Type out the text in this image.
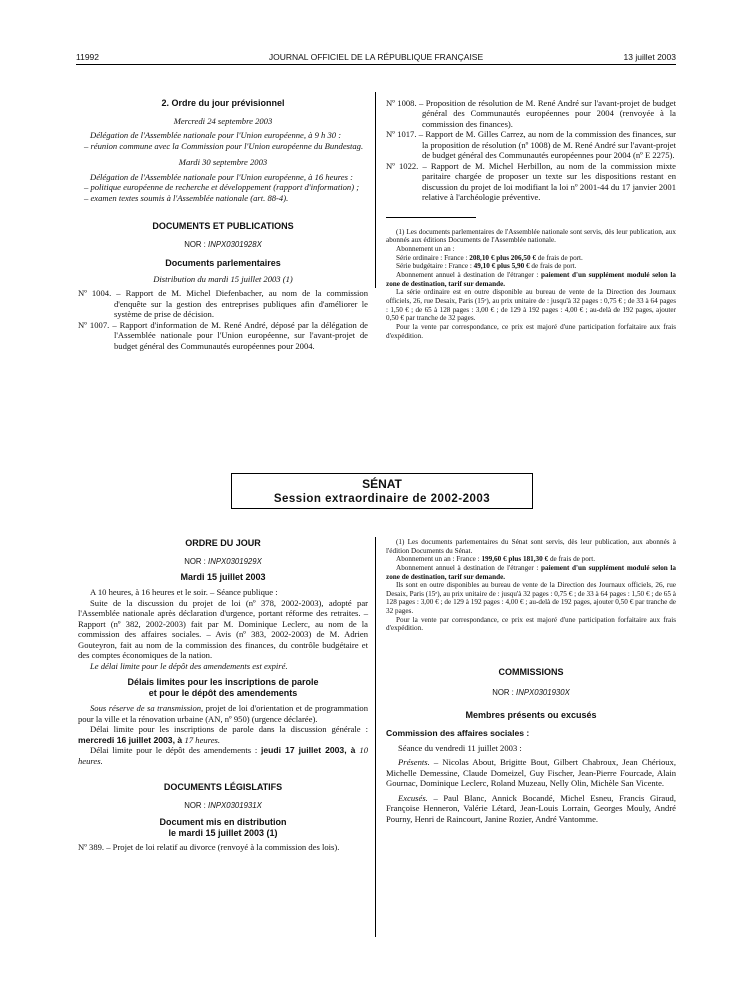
11992	JOURNAL OFFICIEL DE LA RÉPUBLIQUE FRANÇAISE	13 juillet 2003

2. Ordre du jour prévisionnel

Mercredi 24 septembre 2003

Délégation de l'Assemblée nationale pour l'Union européenne, à 9 h 30 :

– réunion commune avec la Commission pour l'Union européenne du Bundestag.

Mardi 30 septembre 2003

Délégation de l'Assemblée nationale pour l'Union européenne, à 16 heures :

– politique européenne de recherche et développement (rapport d'information) ;

– examen textes soumis à l'Assemblée nationale (art. 88-4).

DOCUMENTS ET PUBLICATIONS

NOR : INPX0301928X

Documents parlementaires

Distribution du mardi 15 juillet 2003 (1)

Nº 1004. – Rapport de M. Michel Diefenbacher, au nom de la commission d'enquête sur la gestion des entreprises publiques afin d'améliorer le système de prise de décision.

Nº 1007. – Rapport d'information de M. René André, déposé par la délégation de l'Assemblée nationale pour l'Union européenne, sur l'avant-projet de budget général des Communautés européennes pour 2004.

Nº 1008. – Proposition de résolution de M. René André sur l'avant-projet de budget général des Communautés européennes pour 2004 (renvoyée à la commission des finances).

Nº 1017. – Rapport de M. Gilles Carrez, au nom de la commission des finances, sur la proposition de résolution (nº 1008) de M. René André sur l'avant-projet de budget général des Communautés européennes pour 2004 (nº E 2275).

Nº 1022. – Rapport de M. Michel Herbillon, au nom de la commission mixte paritaire chargée de proposer un texte sur les dispositions restant en discussion du projet de loi modifiant la loi nº 2001-44 du 17 janvier 2001 relative à l'archéologie préventive.

(1) Les documents parlementaires de l'Assemblée nationale sont servis, dès leur publication, aux abonnés aux éditions Documents de l'Assemblée nationale.

Abonnement un an :

Série ordinaire : France : 208,10 € plus 206,50 € de frais de port.

Série budgétaire : France : 49,10 € plus 5,90 € de frais de port.

Abonnement annuel à destination de l'étranger : paiement d'un supplément modulé selon la zone de destination, tarif sur demande.

La série ordinaire est en outre disponible au bureau de vente de la Direction des Journaux officiels, 26, rue Desaix, Paris (15ᵉ), au prix unitaire de : jusqu'à 32 pages : 0,75 € ; de 33 à 64 pages : 1,50 € ; de 65 à 128 pages : 3,00 € ; de 129 à 192 pages : 4,00 € ; au-delà de 192 pages, ajouter 0,50 € par tranche de 32 pages.

Pour la vente par correspondance, ce prix est majoré d'une participation forfaitaire aux frais d'expédition.

SÉNAT
Session extraordinaire de 2002-2003

ORDRE DU JOUR

NOR : INPX0301929X

Mardi 15 juillet 2003

A 10 heures, à 16 heures et le soir. – Séance publique :

Suite de la discussion du projet de loi (nº 378, 2002-2003), adopté par l'Assemblée nationale après déclaration d'urgence, portant réforme des retraites. – Rapport (nº 382, 2002-2003) fait par M. Dominique Leclerc, au nom de la commission des affaires sociales. – Avis (nº 383, 2002-2003) de M. Adrien Gouteyron, fait au nom de la commission des finances, du contrôle budgétaire et des comptes économiques de la nation.

Le délai limite pour le dépôt des amendements est expiré.

Délais limites pour les inscriptions de parole

et pour le dépôt des amendements

Sous réserve de sa transmission, projet de loi d'orientation et de programmation pour la ville et la rénovation urbaine (AN, nº 950) (urgence déclarée).

Délai limite pour les inscriptions de parole dans la discussion générale : mercredi 16 juillet 2003, à 17 heures.

Délai limite pour le dépôt des amendements : jeudi 17 juillet 2003, à 10 heures.

DOCUMENTS LÉGISLATIFS

NOR : INPX0301931X

Document mis en distribution

le mardi 15 juillet 2003 (1)

Nº 389. – Projet de loi relatif au divorce (renvoyé à la commission des lois).

(1) Les documents parlementaires du Sénat sont servis, dès leur publication, aux abonnés à l'édition Documents du Sénat.

Abonnement un an : France : 199,60 € plus 181,30 € de frais de port.

Abonnement annuel à destination de l'étranger : paiement d'un supplément modulé selon la zone de destination, tarif sur demande.

Ils sont en outre disponibles au bureau de vente de la Direction des Journaux officiels, 26, rue Desaix, Paris (15ᵉ), au prix unitaire de : jusqu'à 32 pages : 0,75 € ; de 33 à 64 pages : 1,50 € ; de 65 à 128 pages : 3,00 € ; de 129 à 192 pages : 4,00 € ; au-delà de 192 pages, ajouter 0,50 € par tranche de 32 pages.

Pour la vente par correspondance, ce prix est majoré d'une participation forfaitaire aux frais d'expédition.

COMMISSIONS

NOR : INPX0301930X

Membres présents ou excusés

Commission des affaires sociales :

Séance du vendredi 11 juillet 2003 :

Présents. – Nicolas About, Brigitte Bout, Gilbert Chabroux, Jean Chérioux, Michelle Demessine, Claude Domeizel, Guy Fischer, Jean-Pierre Fourcade, Alain Gournac, Dominique Leclerc, Roland Muzeau, Nelly Olin, Michèle San Vicente.

Excusés. – Paul Blanc, Annick Bocandé, Michel Esneu, Francis Giraud, Françoise Henneron, Valérie Létard, Jean-Louis Lorrain, Georges Mouly, André Pourny, Henri de Raincourt, Janine Rozier, André Vantomme.
